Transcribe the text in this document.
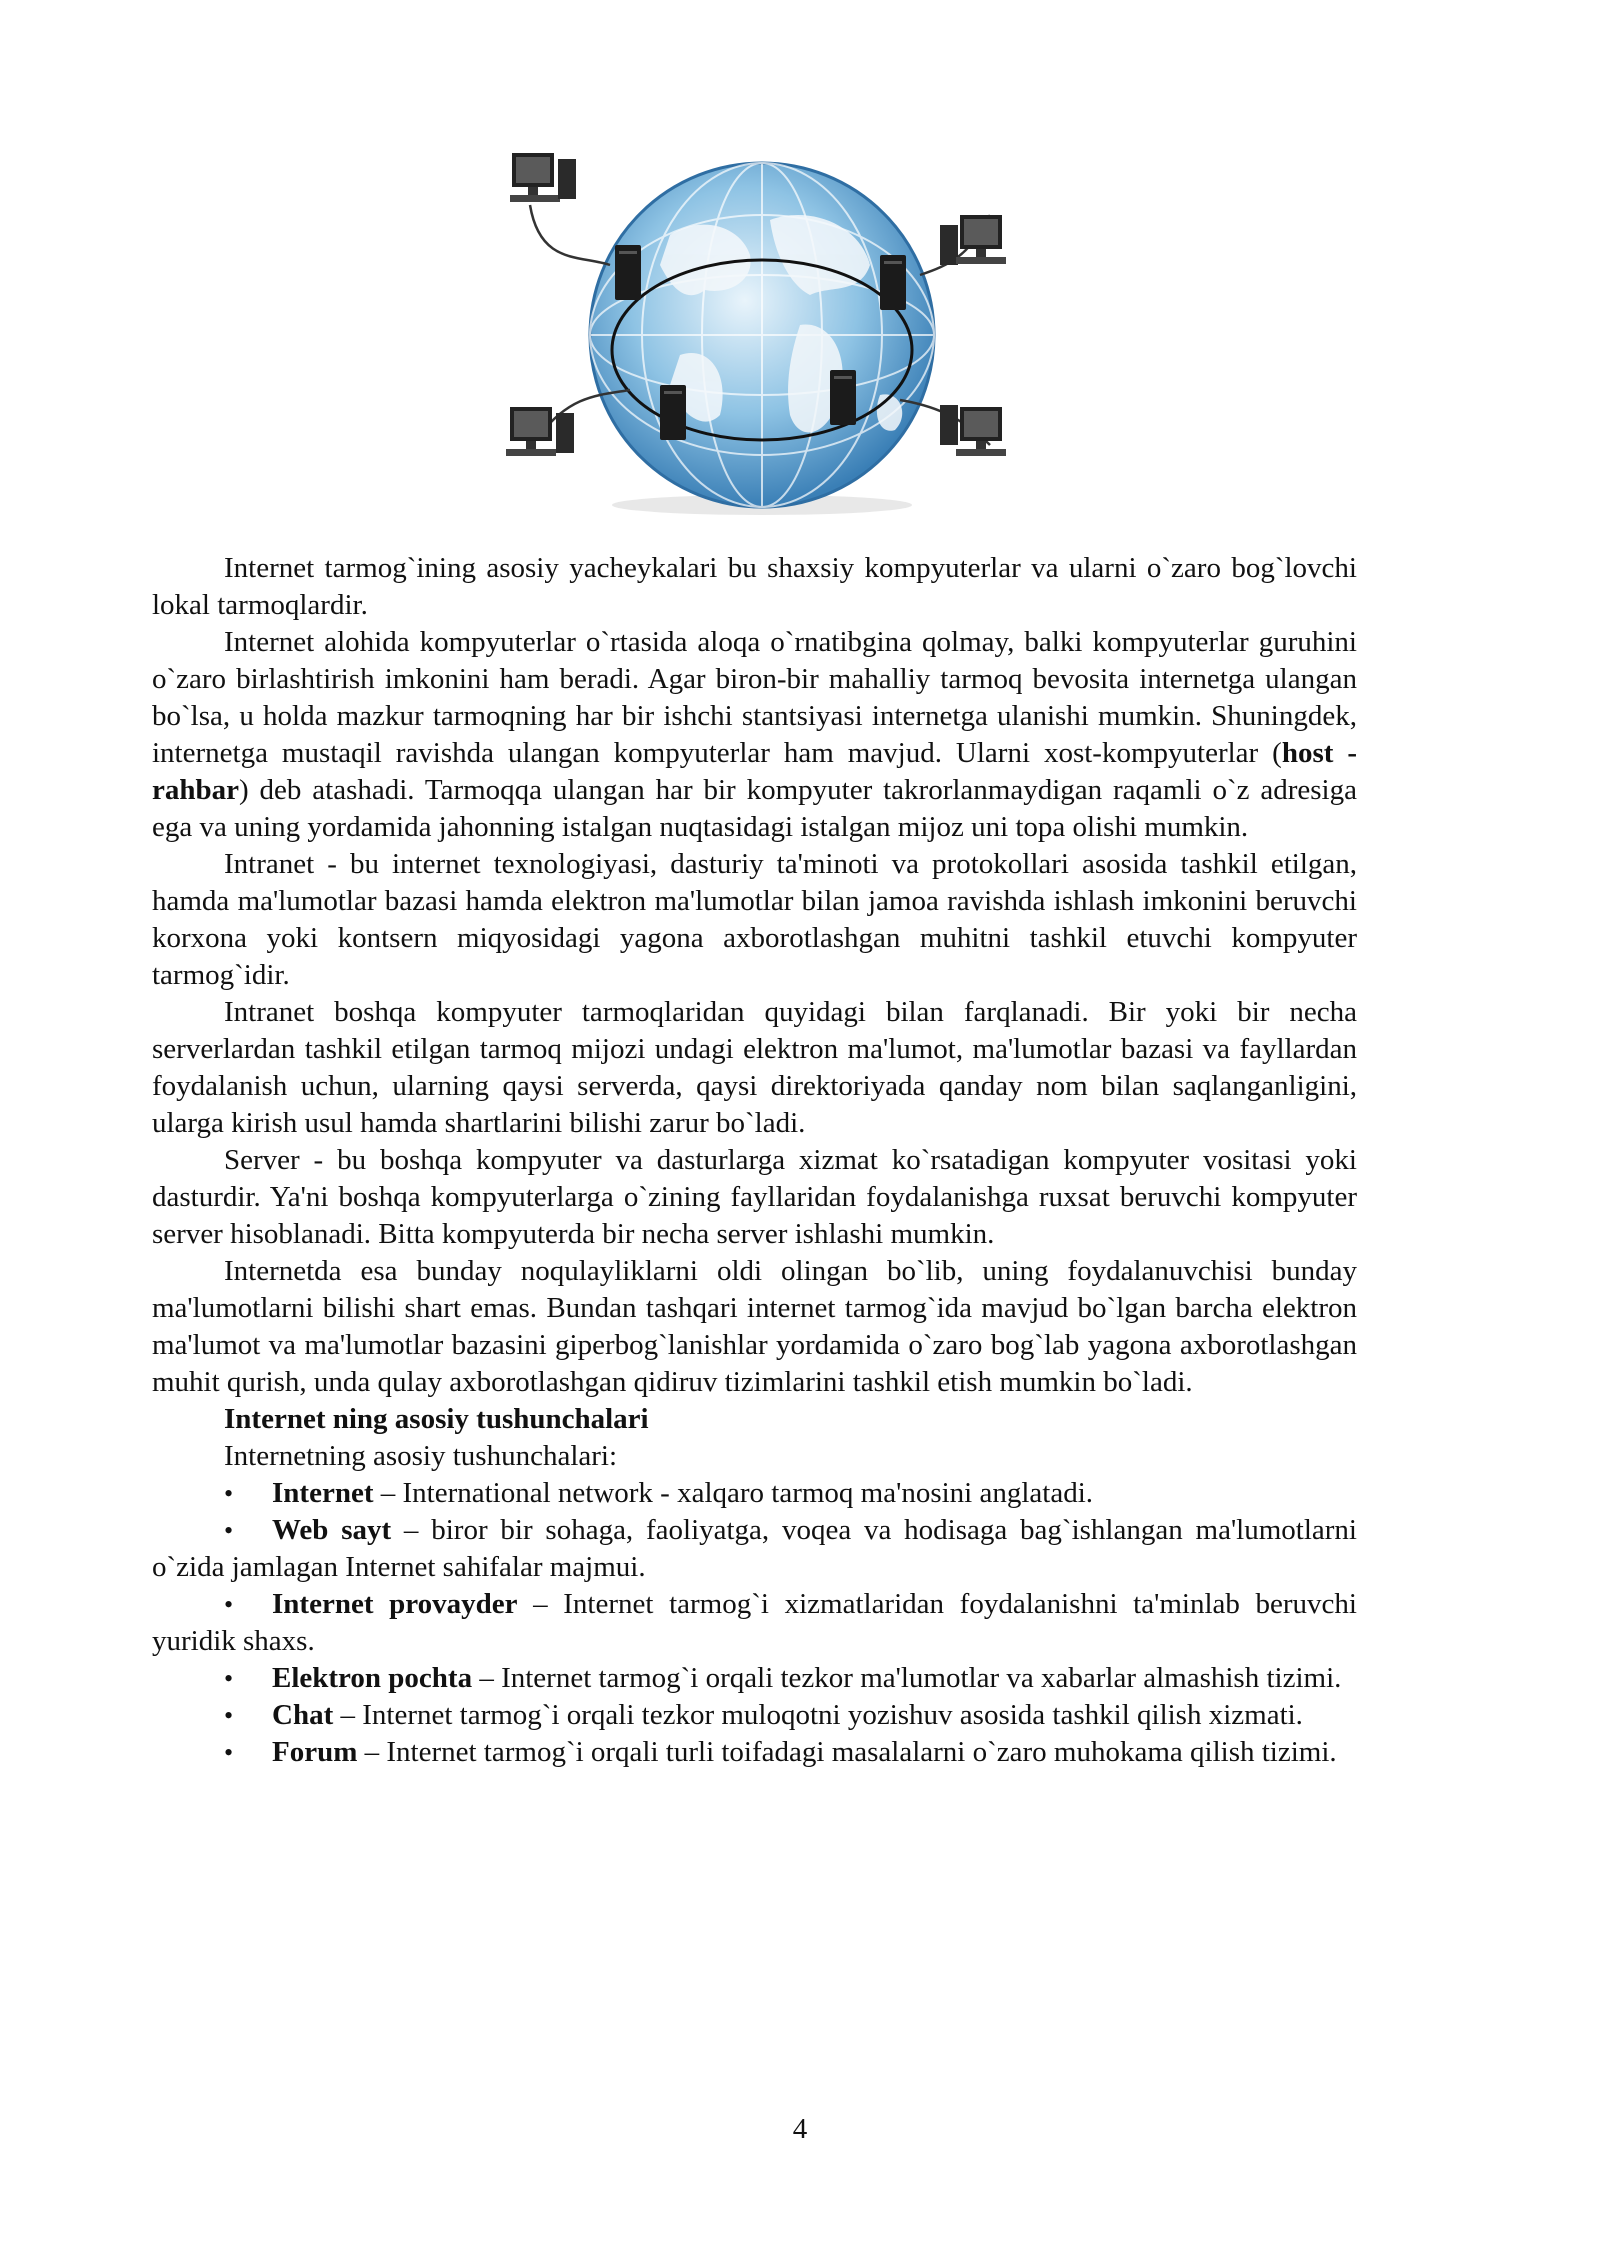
Internet tarmog`ining asosiy yacheykalari bu shaxsiy kompyuterlar va ularni o`zaro bog`lovchi lokal tarmoqlardir.

Internet alohida kompyuterlar o`rtasida aloqa o`rnatibgina qolmay, balki kompyuterlar guruhini o`zaro birlashtirish imkonini ham beradi. Agar biron-bir mahalliy tarmoq bevosita internetga ulangan bo`lsa, u holda mazkur tarmoqning har bir ishchi stantsiyasi internetga ulanishi mumkin. Shuningdek, internetga mustaqil ravishda ulangan kompyuterlar ham mavjud. Ularni xost-kompyuterlar (host - rahbar) deb atashadi. Tarmoqqa ulangan har bir kompyuter takrorlanmaydigan raqamli o`z adresiga ega va uning yordamida jahonning istalgan nuqtasidagi istalgan mijoz uni topa olishi mumkin.

Intranet - bu internet texnologiyasi, dasturiy ta'minoti va protokollari asosida tashkil etilgan, hamda ma'lumotlar bazasi hamda elektron ma'lumotlar bilan jamoa ravishda ishlash imkonini beruvchi korxona yoki kontsern miqyosidagi yagona axborotlashgan muhitni tashkil etuvchi kompyuter tarmog`idir.

Intranet boshqa kompyuter tarmoqlaridan quyidagi bilan farqlanadi. Bir yoki bir necha serverlardan tashkil etilgan tarmoq mijozi undagi elektron ma'lumot, ma'lumotlar bazasi va fayllardan foydalanish uchun, ularning qaysi serverda, qaysi direktoriyada qanday nom bilan saqlanganligini, ularga kirish usul hamda shartlarini bilishi zarur bo`ladi.

Server - bu boshqa kompyuter va dasturlarga xizmat ko`rsatadigan kompyuter vositasi yoki dasturdir. Ya'ni boshqa kompyuterlarga o`zining fayllaridan foydalanishga ruxsat beruvchi kompyuter server hisoblanadi. Bitta kompyuterda bir necha server ishlashi mumkin.

Internetda esa bunday noqulayliklarni oldi olingan bo`lib, uning foydalanuvchisi bunday ma'lumotlarni bilishi shart emas. Bundan tashqari internet tarmog`ida mavjud bo`lgan barcha elektron ma'lumot va ma'lumotlar bazasini giperbog`lanishlar yordamida o`zaro bog`lab yagona axborotlashgan muhit qurish, unda qulay axborotlashgan qidiruv tizimlarini tashkil etish mumkin bo`ladi.

Internet ning asosiy tushunchalari

Internetning asosiy tushunchalari:

• Internet – International network - xalqaro tarmoq ma'nosini anglatadi.

• Web sayt – biror bir sohaga, faoliyatga, voqea va hodisaga bag`ishlangan ma'lumotlarni o`zida jamlagan Internet sahifalar majmui.

• Internet provayder – Internet tarmog`i xizmatlaridan foydalanishni ta'minlab beruvchi yuridik shaxs.

• Elektron pochta – Internet tarmog`i orqali tezkor ma'lumotlar va xabarlar almashish tizimi.

• Chat – Internet tarmog`i orqali tezkor muloqotni yozishuv asosida tashkil qilish xizmati.

• Forum – Internet tarmog`i orqali turli toifadagi masalalarni o`zaro muhokama qilish tizimi.

4
